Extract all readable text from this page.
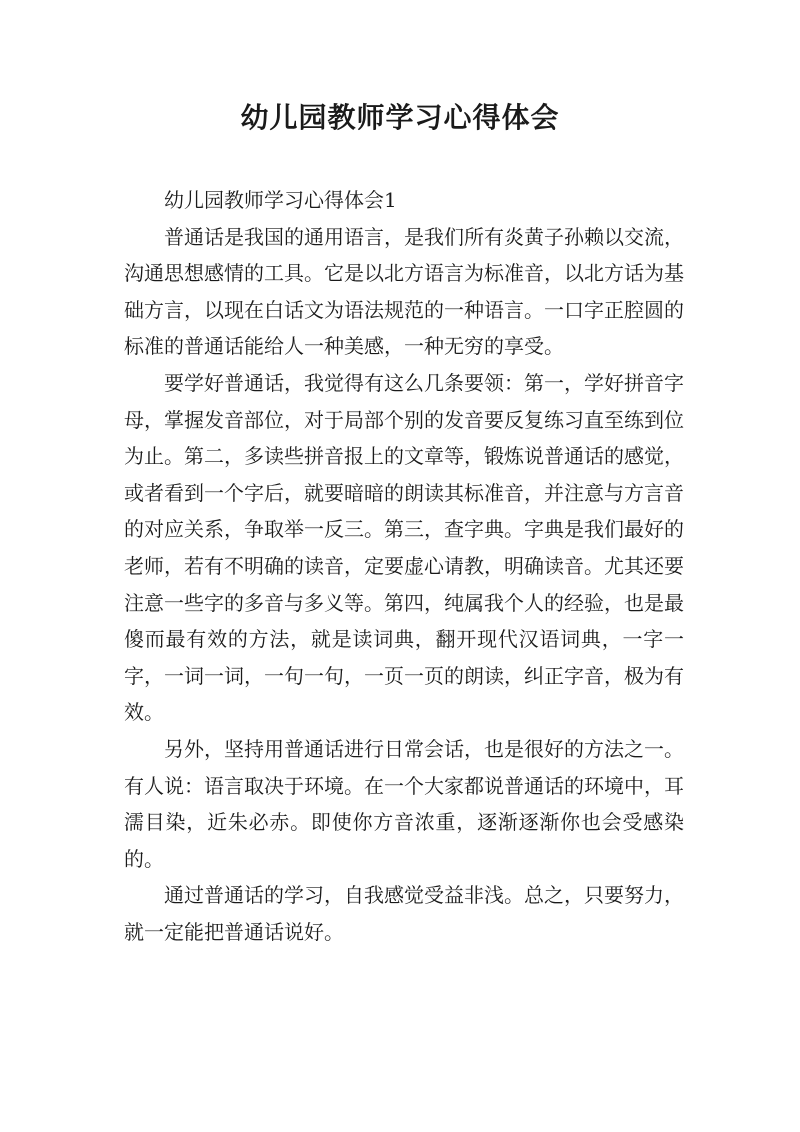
幼儿园教师学习心得体会

幼儿园教师学习心得体会1

普通话是我国的通用语言，是我们所有炎黄子孙赖以交流，沟通思想感情的工具。它是以北方语言为标准音，以北方话为基础方言，以现在白话文为语法规范的一种语言。一口字正腔圆的标准的普通话能给人一种美感，一种无穷的享受。

要学好普通话，我觉得有这么几条要领：第一，学好拼音字母，掌握发音部位，对于局部个别的发音要反复练习直至练到位为止。第二，多读些拼音报上的文章等，锻炼说普通话的感觉，或者看到一个字后，就要暗暗的朗读其标准音，并注意与方言音的对应关系，争取举一反三。第三，查字典。字典是我们最好的老师，若有不明确的读音，定要虚心请教，明确读音。尤其还要注意一些字的多音与多义等。第四，纯属我个人的经验，也是最傻而最有效的方法，就是读词典，翻开现代汉语词典，一字一字，一词一词，一句一句，一页一页的朗读，纠正字音，极为有效。

另外，坚持用普通话进行日常会话，也是很好的方法之一。有人说：语言取决于环境。在一个大家都说普通话的环境中，耳濡目染，近朱必赤。即使你方音浓重，逐渐逐渐你也会受感染的。

通过普通话的学习，自我感觉受益非浅。总之，只要努力，就一定能把普通话说好。
